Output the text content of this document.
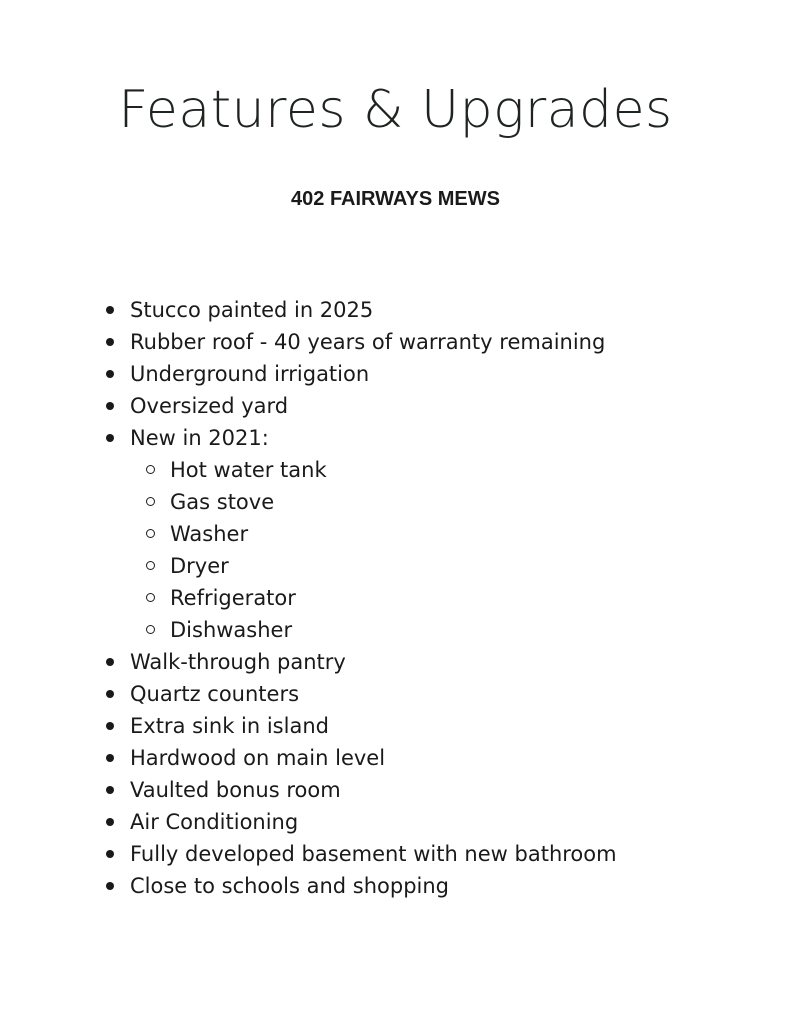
Features & Upgrades
402 FAIRWAYS MEWS
Stucco painted in 2025
Rubber roof - 40 years of warranty remaining
Underground irrigation
Oversized yard
New in 2021:
Hot water tank
Gas stove
Washer
Dryer
Refrigerator
Dishwasher
Walk-through pantry
Quartz counters
Extra sink in island
Hardwood on main level
Vaulted bonus room
Air Conditioning
Fully developed basement with new bathroom
Close to schools and shopping
